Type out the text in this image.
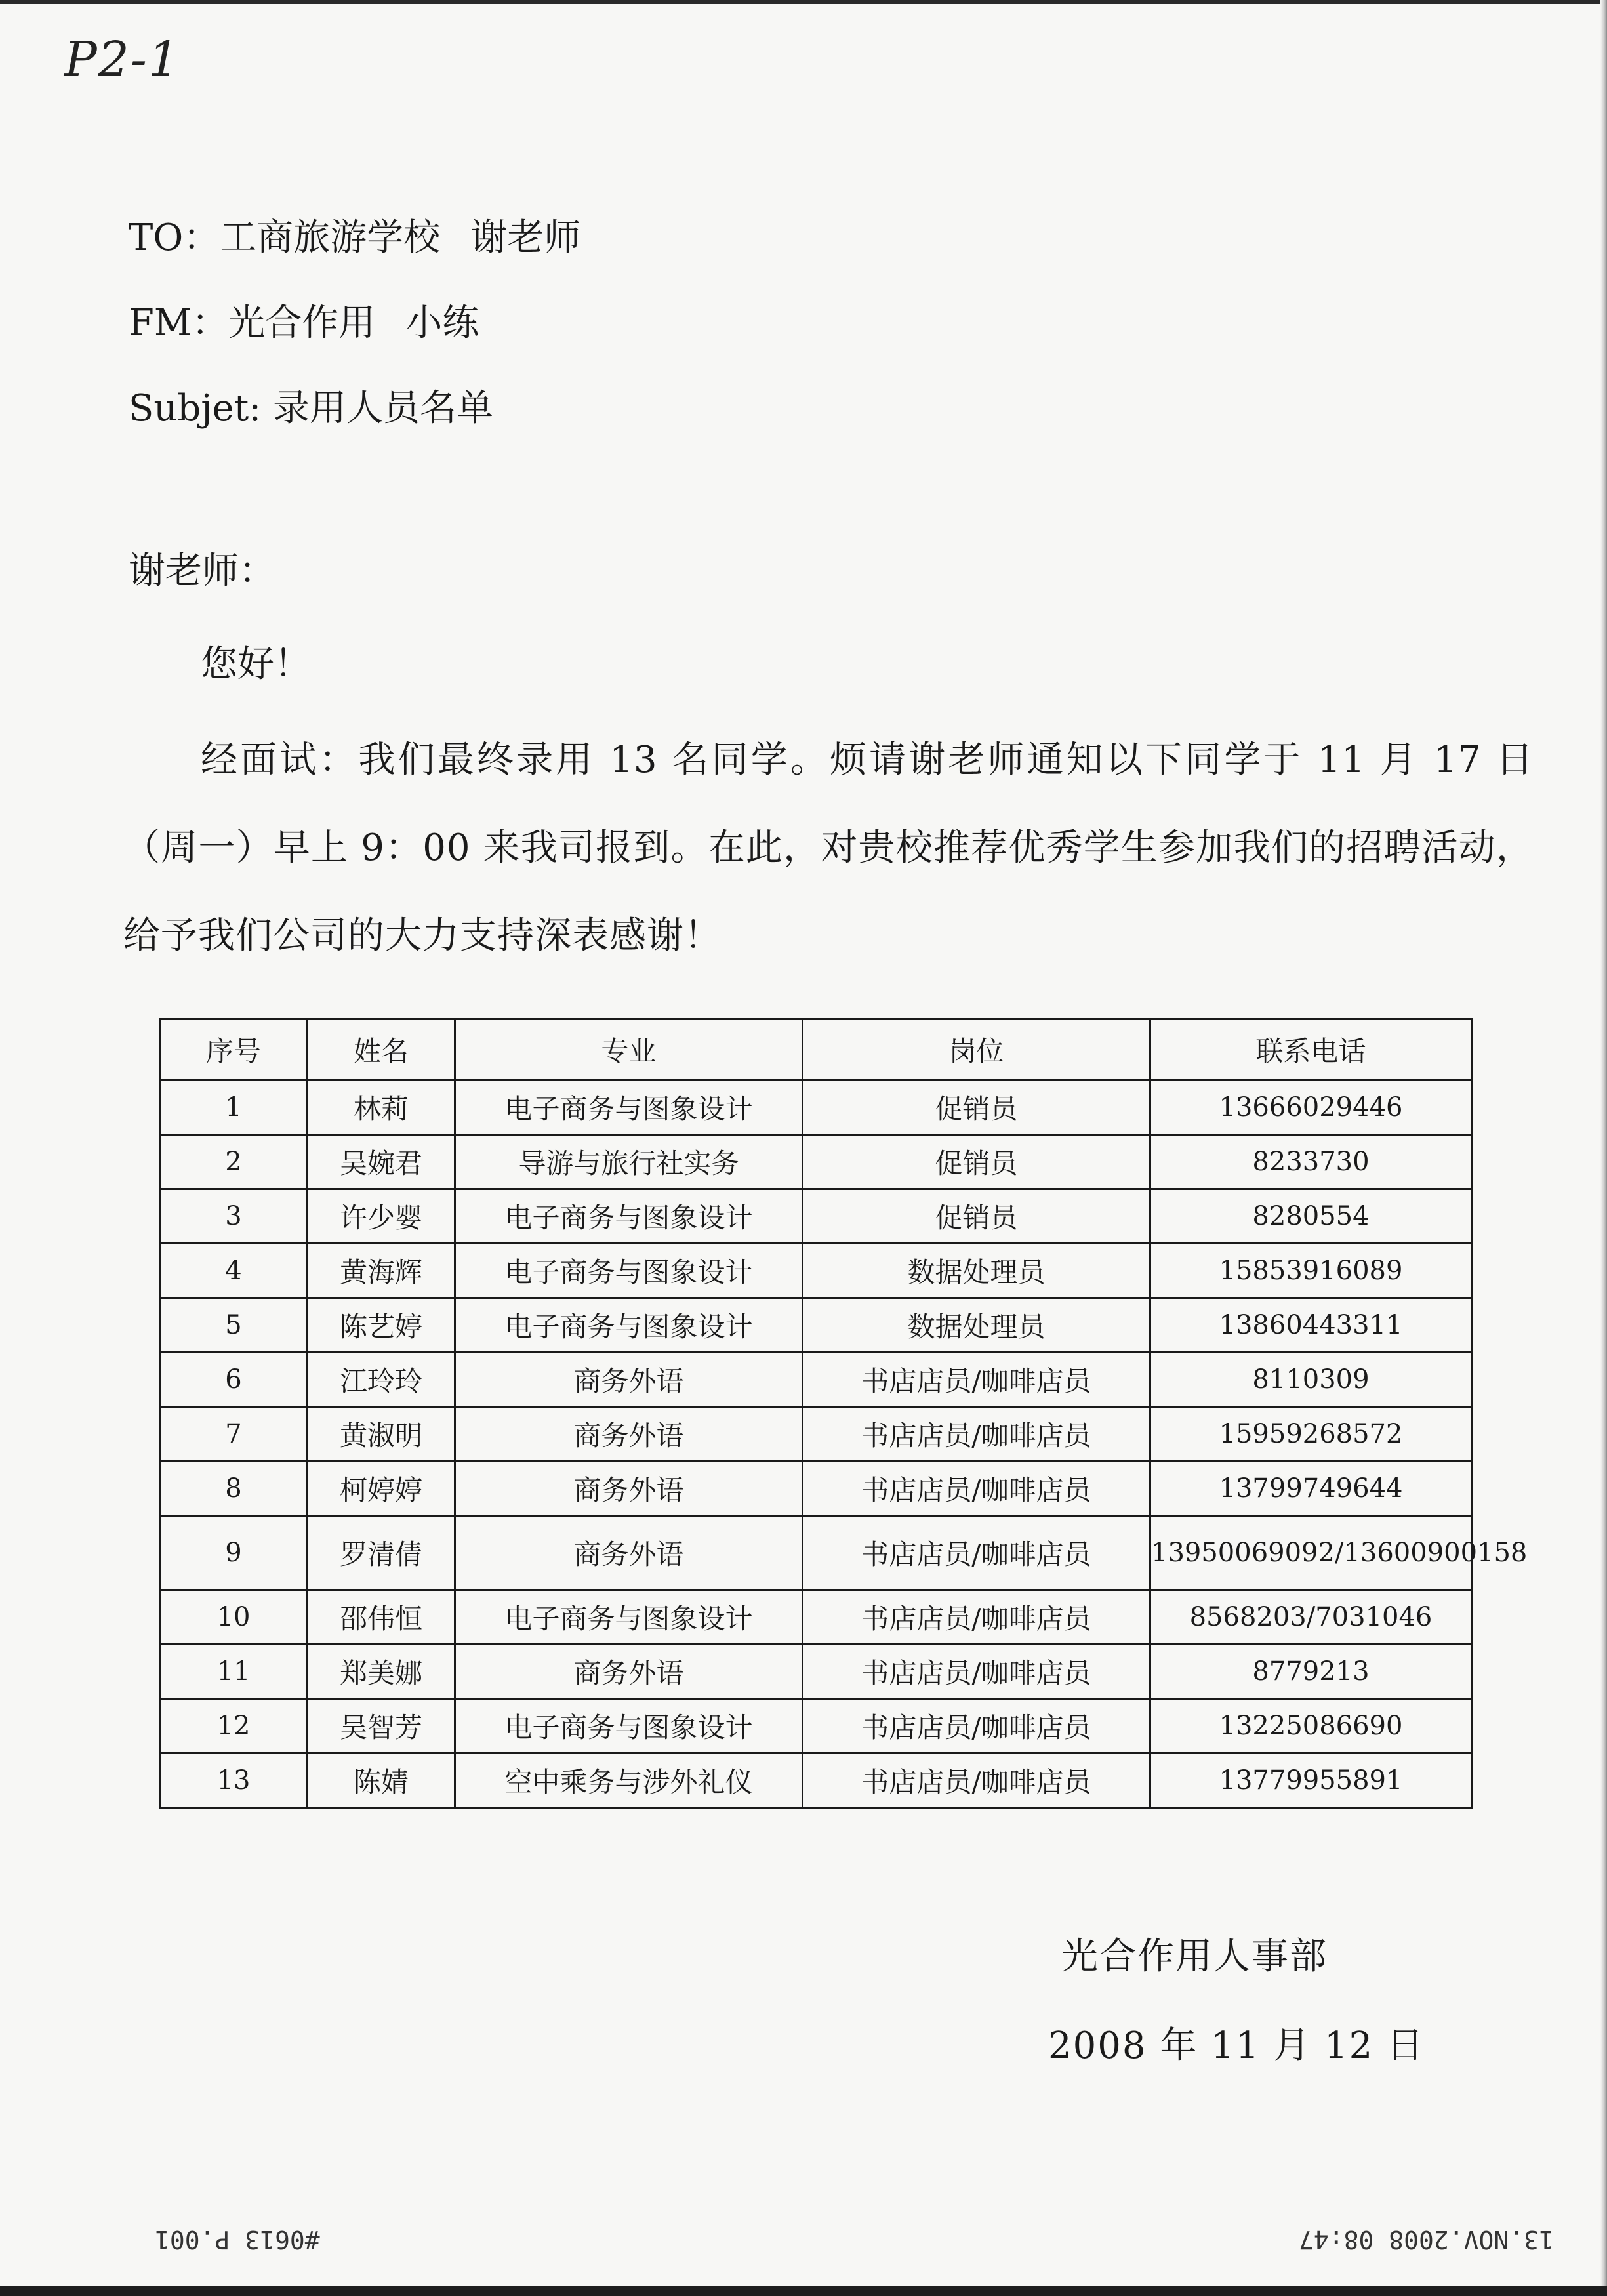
P2-1
TO：工商旅游学校 谢老师
FM：光合作用 小练
Subjet: 录用人员名单
谢老师：
您好！
经面试：我们最终录用 13 名同学。烦请谢老师通知以下同学于 11 月 17 日（周一）早上 9：00 来我司报到。在此，对贵校推荐优秀学生参加我们的招聘活动，给予我们公司的大力支持深表感谢！
序号	姓名	专业	岗位	联系电话
1	林莉	电子商务与图象设计	促销员	13666029446
2	吴婉君	导游与旅行社实务	促销员	8233730
3	许少婴	电子商务与图象设计	促销员	8280554
4	黄海辉	电子商务与图象设计	数据处理员	15853916089
5	陈艺婷	电子商务与图象设计	数据处理员	13860443311
6	江玲玲	商务外语	书店店员/咖啡店员	8110309
7	黄淑明	商务外语	书店店员/咖啡店员	15959268572
8	柯婷婷	商务外语	书店店员/咖啡店员	13799749644
9	罗清倩	商务外语	书店店员/咖啡店员	13950069092/13600900158
10	邵伟恒	电子商务与图象设计	书店店员/咖啡店员	8568203/7031046
11	郑美娜	商务外语	书店店员/咖啡店员	8779213
12	吴智芳	电子商务与图象设计	书店店员/咖啡店员	13225086690
13	陈婧	空中乘务与涉外礼仪	书店店员/咖啡店员	13779955891
光合作用人事部
2008 年 11 月 12 日
#0613 P.001	13.NOV.2008 08:47
